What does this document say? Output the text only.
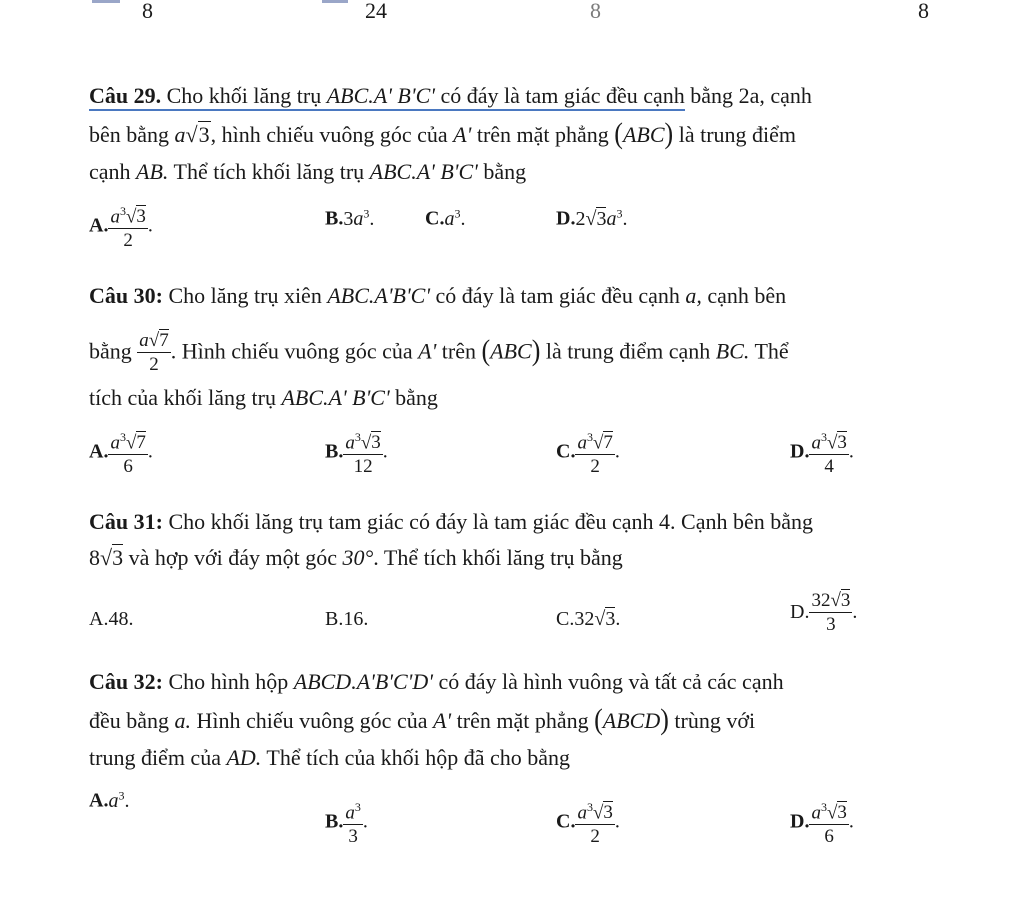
8	24	8	8
Câu 29. Cho khối lăng trụ ABC.A' B'C' có đáy là tam giác đều cạnh bằng 2a, cạnh
bên bằng a√3, hình chiếu vuông góc của A' trên mặt phẳng (ABC) là trung điểm
cạnh AB. Thể tích khối lăng trụ ABC.A' B'C' bằng
A. $\frac{a^3√3}{2}$ .	$B.3a^3$.	$C.a^3$.	$D.2√3a^3$.
Câu 30: Cho lăng trụ xiên ABC.A'B'C' có đáy là tam giác đều cạnh a, cạnh bên
bằng $\frac{a√7}{2}$ . Hình chiếu vuông góc của A' trên (ABC) là trung điểm cạnh BC. Thể
tích của khối lăng trụ ABC.A' B'C' bằng
A. $\frac{a^3√7}{6}$ .	B. $\frac{a^3√3}{12}$ .	C. $\frac{a^3√7}{2}$ .	D. $\frac{a^3√3}{4}$ .
Câu 31: Cho khối lăng trụ tam giác có đáy là tam giác đều cạnh 4. Cạnh bên bằng
8√3 và hợp với đáy một góc 30°. Thể tích khối lăng trụ bằng
A.48.	B.16.	C.32√3.	D. $\frac{32√3}{3}$ .
Câu 32: Cho hình hộp ABCD.A'B'C'D' có đáy là hình vuông và tất cả các cạnh
đều bằng a. Hình chiếu vuông góc của A' trên mặt phẳng (ABCD) trùng với
trung điểm của AD. Thể tích của khối hộp đã cho bằng
$A.a^3$.
B. $\frac{a^3}{3}$ .	C. $\frac{a^3√3}{2}$ .	D. $\frac{a^3√3}{6}$ .
